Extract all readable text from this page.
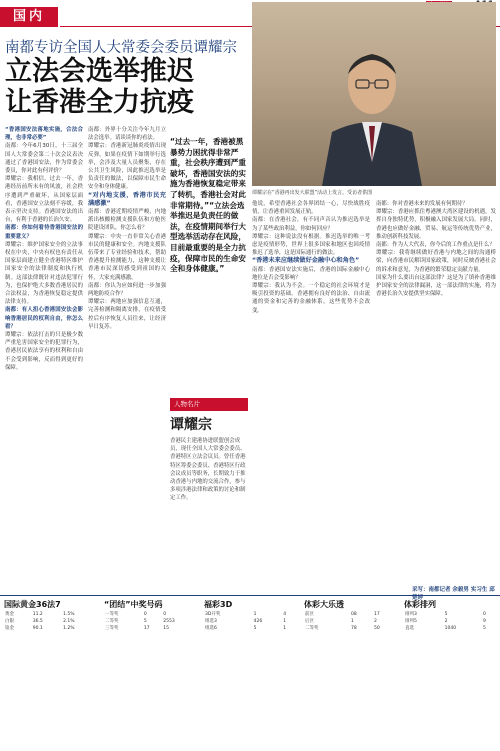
国内
南都专访全国人大常委会委员谭耀宗
立法会选举推迟
让香港全力抗疫

“香港国安法落地实施，合法合理，也非常必要”

南都：今年6月30日，十三届全国人大常委会第二十次会议表决通过了香港国安法，作为常委会委员，你对此有何评价？

谭耀宗：我相信，过去一年，香港经历前所未有的风波，社会秩序遭到严重破坏，从国家层面看，香港国安立法刻不容缓，我表示坚决支持。香港国安法的出台，有利于香港的长治久安。

南都：你如何看待香港国安法的重要意义？

谭耀宗：维护国家安全的立法事权在中央，中央有权也有责任从国家层面建立健全香港特区维护国家安全的法律制度和执行机制。这部法律既针对违法犯罪行为，也保护绝大多数香港居民的合法权益，为香港恢复稳定提供法律支持。

南都：有人担心香港国安法会影响香港居民的权利自由，你怎么看？

谭耀宗：依法打击的只是极少数严重危害国家安全的犯罪行为，香港居民依法享有的权利和自由不会受到影响，反而得到更好的保障。

南都：外界十分关注今年九月立法会选举。请谈谈你的看法。

谭耀宗：香港新冠肺炎疫情出现反弹，如果在疫情下如期举行选举，会涉及大量人员聚集，存在公共卫生风险，因此推迟选举是负责任的做法，以保障市民生命安全和身体健康。

“对内地支援，香港市民充满感激”

南都：香港近期疫情严峻，内地派出核酸检测支援队伍和方舱医院建设团队，你怎么看？

谭耀宗：中央一直非常关心香港市民的健康和安全。内地支援队伍带来了专业经验和技术，帮助香港提升检测能力，这种支援让香港市民深切感受到祖国的关怀，大家充满感激。

南都：你认为应如何进一步加强两地防疫合作？

谭耀宗：两地应加强信息互通，完善检测和隔离安排，在疫情受控后有序恢复人员往来，让经济早日复苏。

“过去一年，香港被黑暴势力困扰得非常严重，社会秩序遭到严重破坏，香港国安法的实施为香港恢复稳定带来了转机，香港社会对此非常期待。”“立法会选举推迟是负责任的做法，在疫情期间举行大型选举活动存在风险，目前最重要的是全力抗疫，保障市民的生命安全和身体健康。”
谭耀宗在“香港再出发大联盟”活动上发言。受访者供图
人物名片
谭耀宗
香港民主建港协进联盟创会成员，现任全国人大常委会委员、香港特区立法会议员。曾任香港特区筹委会委员、香港特区行政会议成员等职务，长期致力于推动香港与内地的交流合作，参与多项涉港法律和政策的讨论和制定工作。

他说，希望香港社会各界团结一心，尽快战胜疫情，让香港重回发展正轨。

南都：在香港社会，有不同声音认为推迟选举是为了某些政治利益，你如何回应？

谭耀宗：这种说法没有根据。推迟选举的唯一考虑是疫情形势，世界上很多国家和地区也因疫情推迟了选举，这是国际通行的做法。

“香港未来应继续做好金融中心和角色”

南都：香港国安法实施后，香港的国际金融中心地位是否会受影响？

谭耀宗：我认为不会。一个稳定的社会环境才是吸引投资的基础。香港拥有良好的法治、自由流通的资金和完善的金融体系，这些优势不会改变。

南都：你对香港未来的发展有何期待？

谭耀宗：香港应抓住粤港澳大湾区建设的机遇，发挥自身独特优势，积极融入国家发展大局。同时，香港也应做好金融、贸易、航运等传统优势产业，推动创新科技发展。

南都：作为人大代表，你今后的工作重点是什么？

谭耀宗：我将继续做好香港与内地之间的沟通桥梁，向香港市民解读国家政策，同时反映香港社会的诉求和意见，为香港的繁荣稳定贡献力量。

国家为什么要出台这部法律？这是为了填补香港维护国家安全的法律漏洞，这一部法律的实施，将为香港长治久安提供坚实保障。

采写：南都记者 余毅男 实习生 邱楚婷
国际黄金36法7
黄金	11.2	1.5%
白银	36.5	2.1%
铂金	90.1	1.2%
“团结”中奖号码
一等奖	0	0
二等奖	5	2553
三等奖	17	15
福彩3D
3D开奖	1	4
组选3	426	1
组选6	5	1
体彩大乐透
前区	08	17
后区	1	2
二等奖	78	50
体彩排列
排列3	5	0
排列5	2	9
直选	1040	5
